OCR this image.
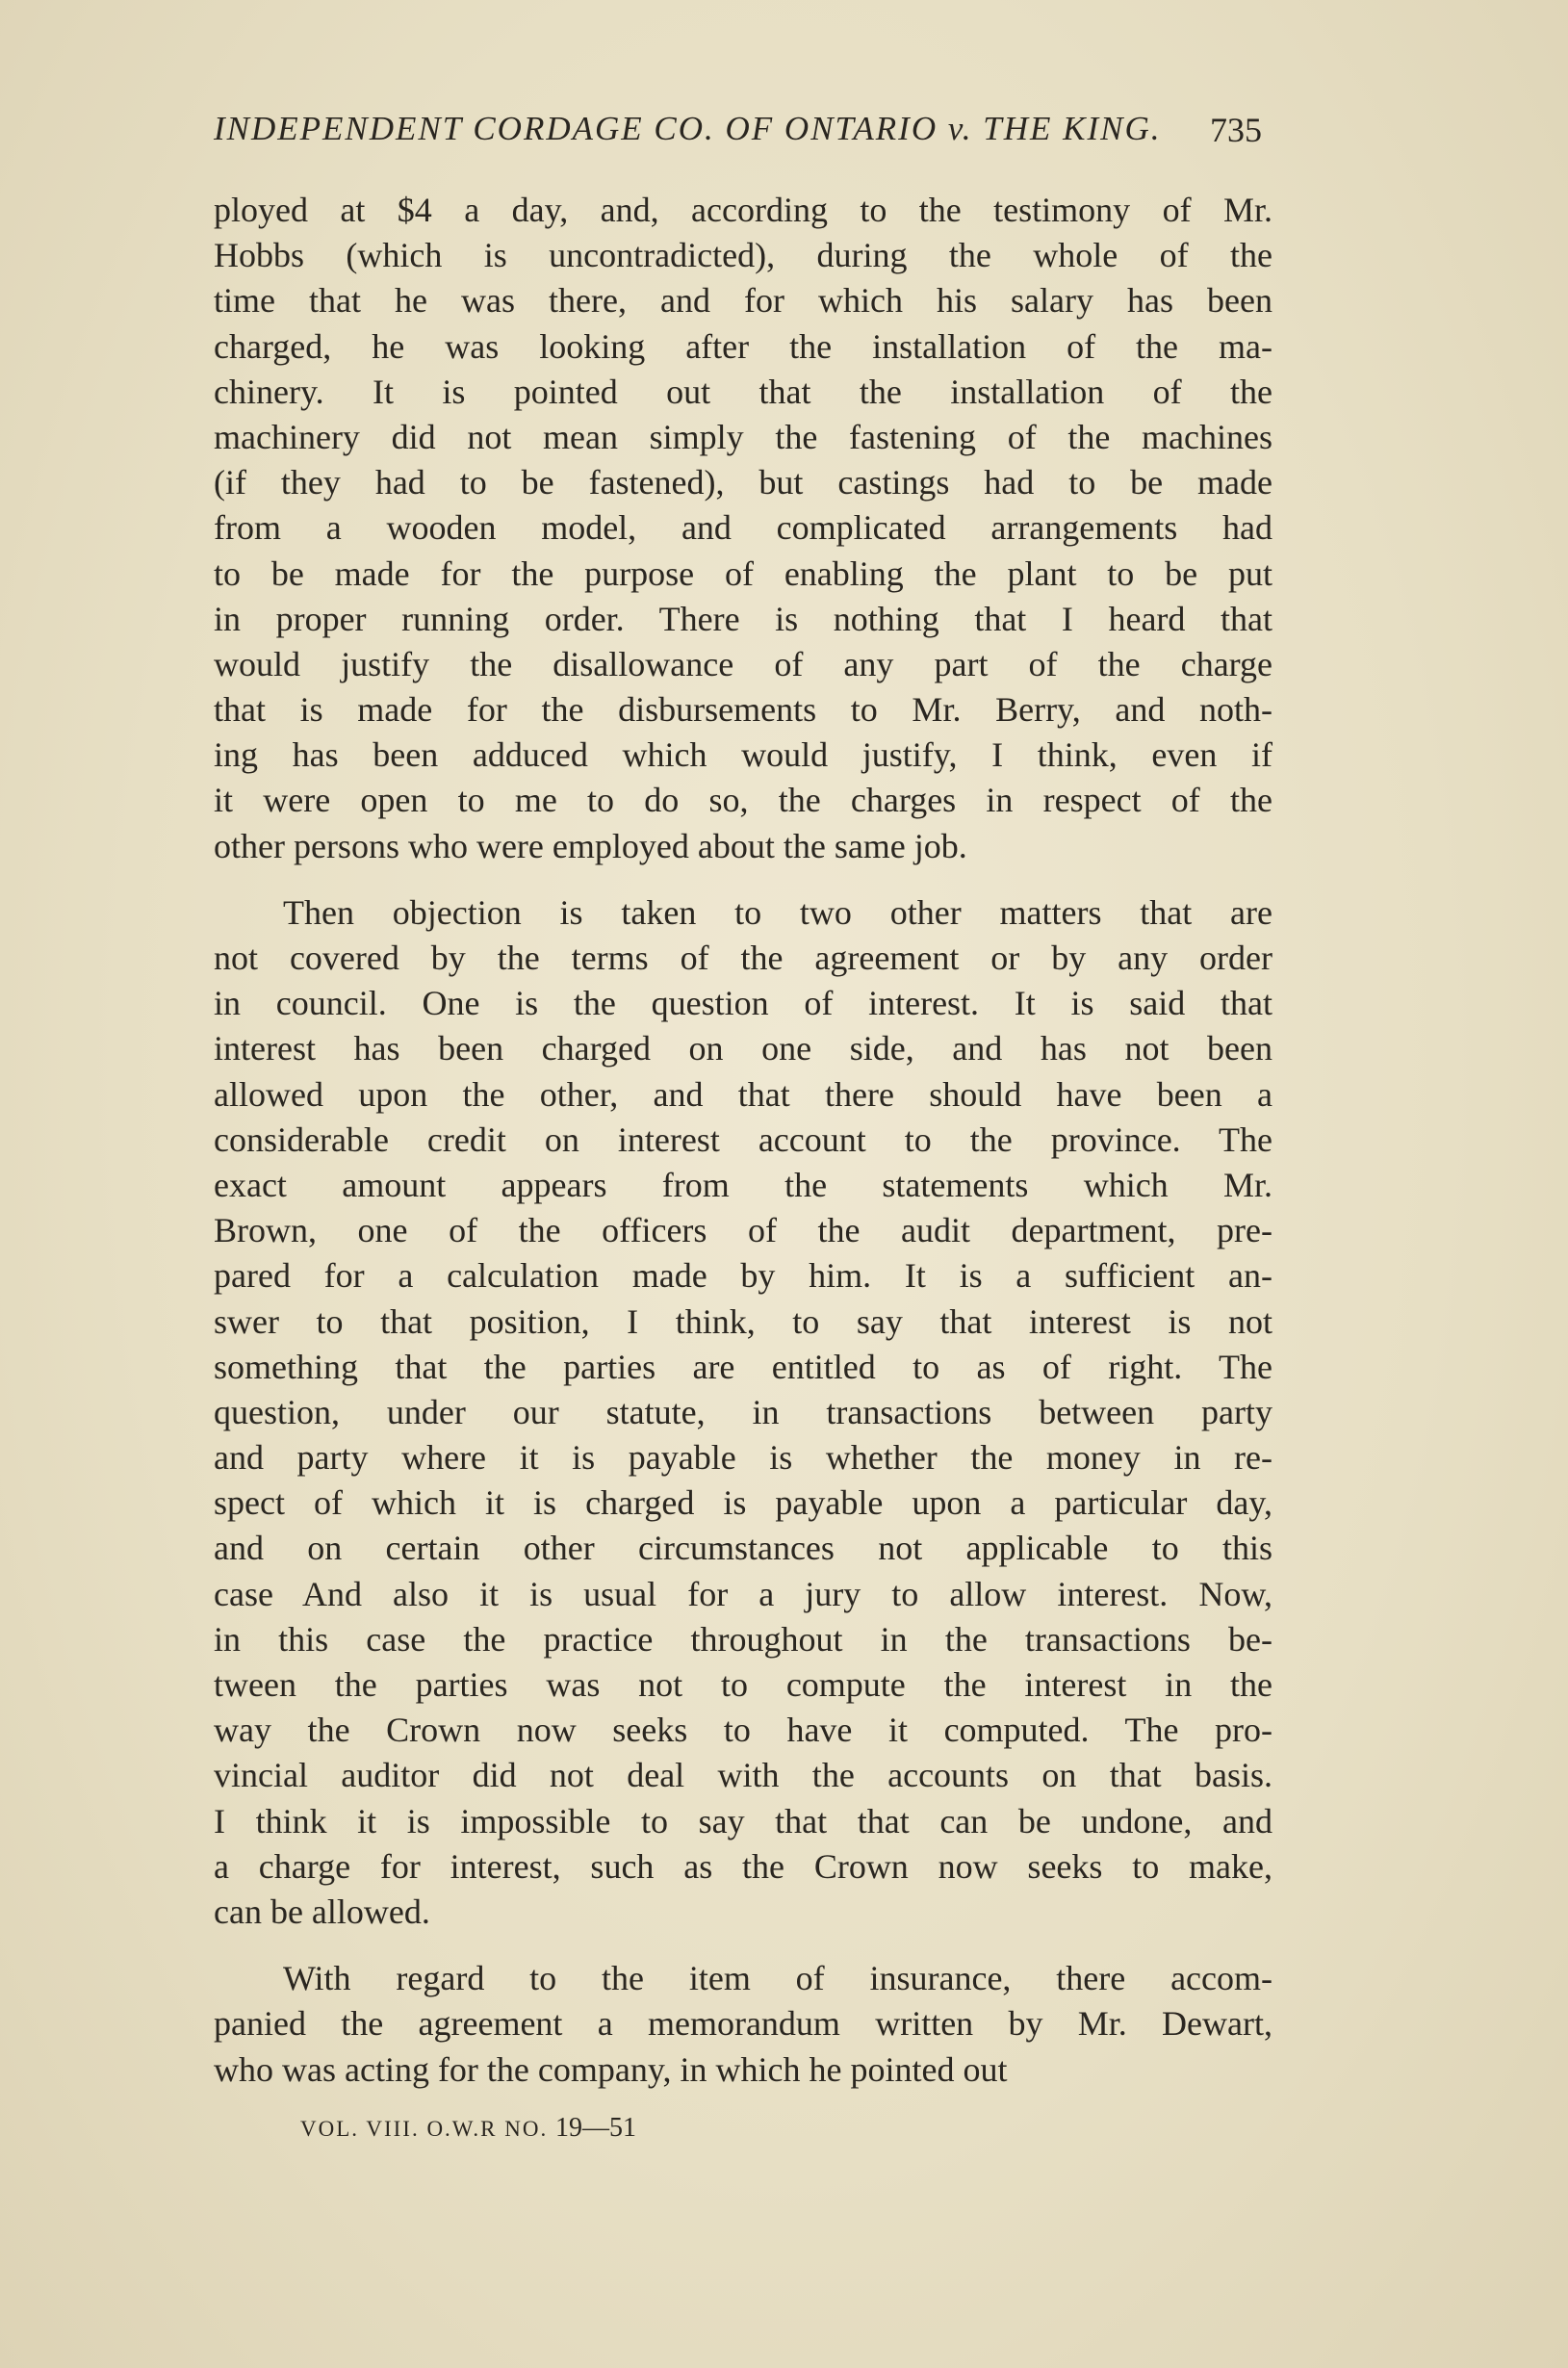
INDEPENDENT CORDAGE CO. OF ONTARIO v. THE KING. 735
ployed at $4 a day, and, according to the testimony of Mr.
Hobbs (which is uncontradicted), during the whole of the
time that he was there, and for which his salary has been
charged, he was looking after the installation of the ma-
chinery. It is pointed out that the installation of the
machinery did not mean simply the fastening of the machines
(if they had to be fastened), but castings had to be made
from a wooden model, and complicated arrangements had
to be made for the purpose of enabling the plant to be put
in proper running order. There is nothing that I heard that
would justify the disallowance of any part of the charge
that is made for the disbursements to Mr. Berry, and noth-
ing has been adduced which would justify, I think, even if
it were open to me to do so, the charges in respect of the
other persons who were employed about the same job.
Then objection is taken to two other matters that are
not covered by the terms of the agreement or by any order
in council. One is the question of interest. It is said that
interest has been charged on one side, and has not been
allowed upon the other, and that there should have been a
considerable credit on interest account to the province. The
exact amount appears from the statements which Mr.
Brown, one of the officers of the audit department, pre-
pared for a calculation made by him. It is a sufficient an-
swer to that position, I think, to say that interest is not
something that the parties are entitled to as of right. The
question, under our statute, in transactions between party
and party where it is payable is whether the money in re-
spect of which it is charged is payable upon a particular day,
and on certain other circumstances not applicable to this
case And also it is usual for a jury to allow interest. Now,
in this case the practice throughout in the transactions be-
tween the parties was not to compute the interest in the
way the Crown now seeks to have it computed. The pro-
vincial auditor did not deal with the accounts on that basis.
I think it is impossible to say that that can be undone, and
a charge for interest, such as the Crown now seeks to make,
can be allowed.
With regard to the item of insurance, there accom-
panied the agreement a memorandum written by Mr. Dewart,
who was acting for the company, in which he pointed out
VOL. VIII. O.W.R NO. 19—51
